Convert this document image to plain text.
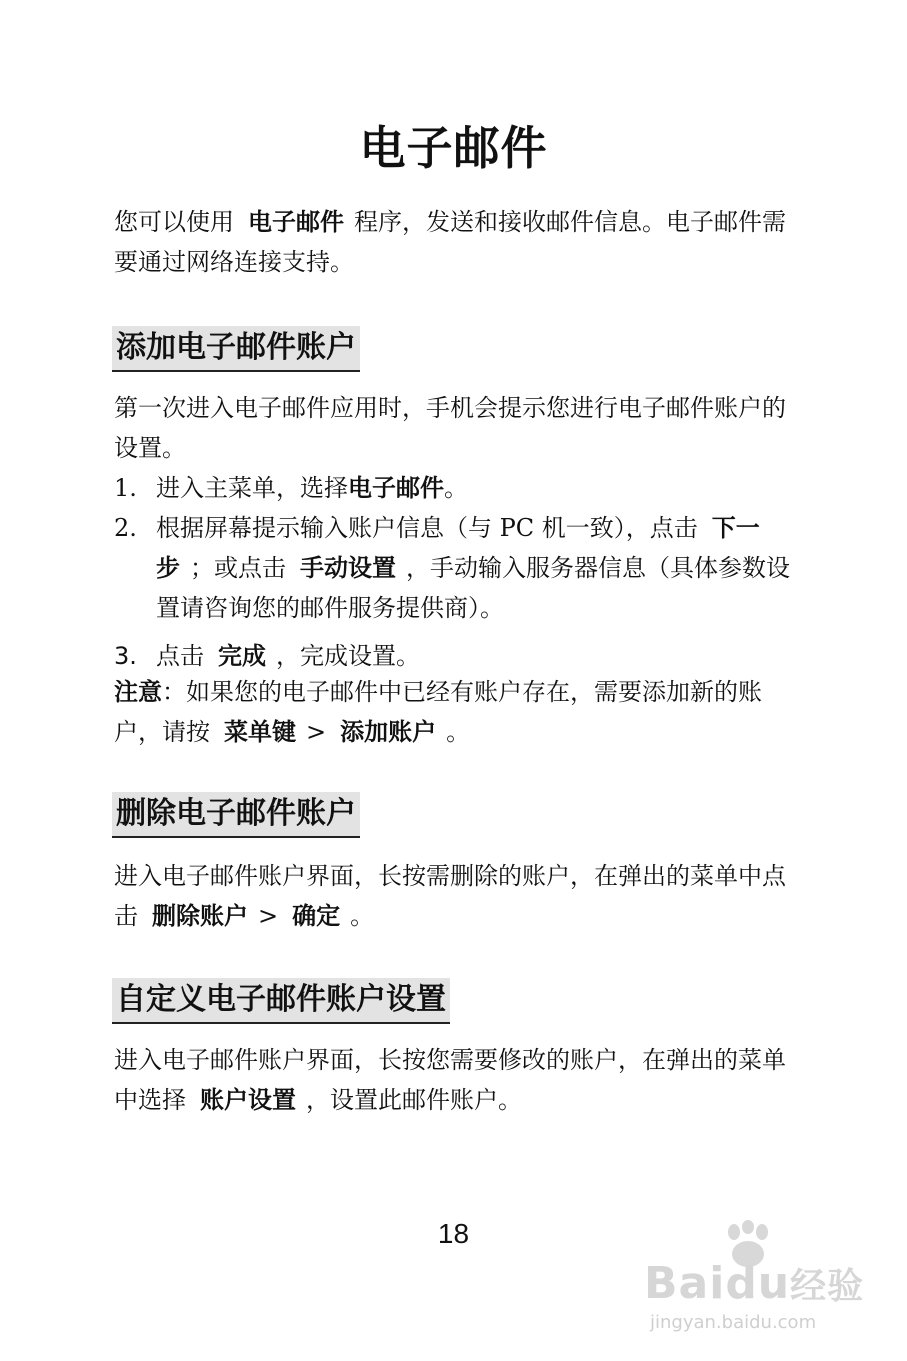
电子邮件

您可以使用 电子邮件 程序，发送和接收邮件信息。电子邮件需要通过网络连接支持。

添加电子邮件账户

第一次进入电子邮件应用时，手机会提示您进行电子邮件账户的设置。

1. 进入主菜单，选择电子邮件。
2. 根据屏幕提示输入账户信息（与 PC 机一致），点击 下一步 ；或点击 手动设置 ，手动输入服务器信息（具体参数设置请咨询您的邮件服务提供商）。
3. 点击 完成 ，完成设置。

注意：如果您的电子邮件中已经有账户存在，需要添加新的账户，请按 菜单键 > 添加账户 。

删除电子邮件账户

进入电子邮件账户界面，长按需删除的账户，在弹出的菜单中点击 删除账户 > 确定 。

自定义电子邮件账户设置

进入电子邮件账户界面，长按您需要修改的账户，在弹出的菜单中选择 账户设置 ，设置此邮件账户。

18
Baidu经验
jingyan.baidu.com
